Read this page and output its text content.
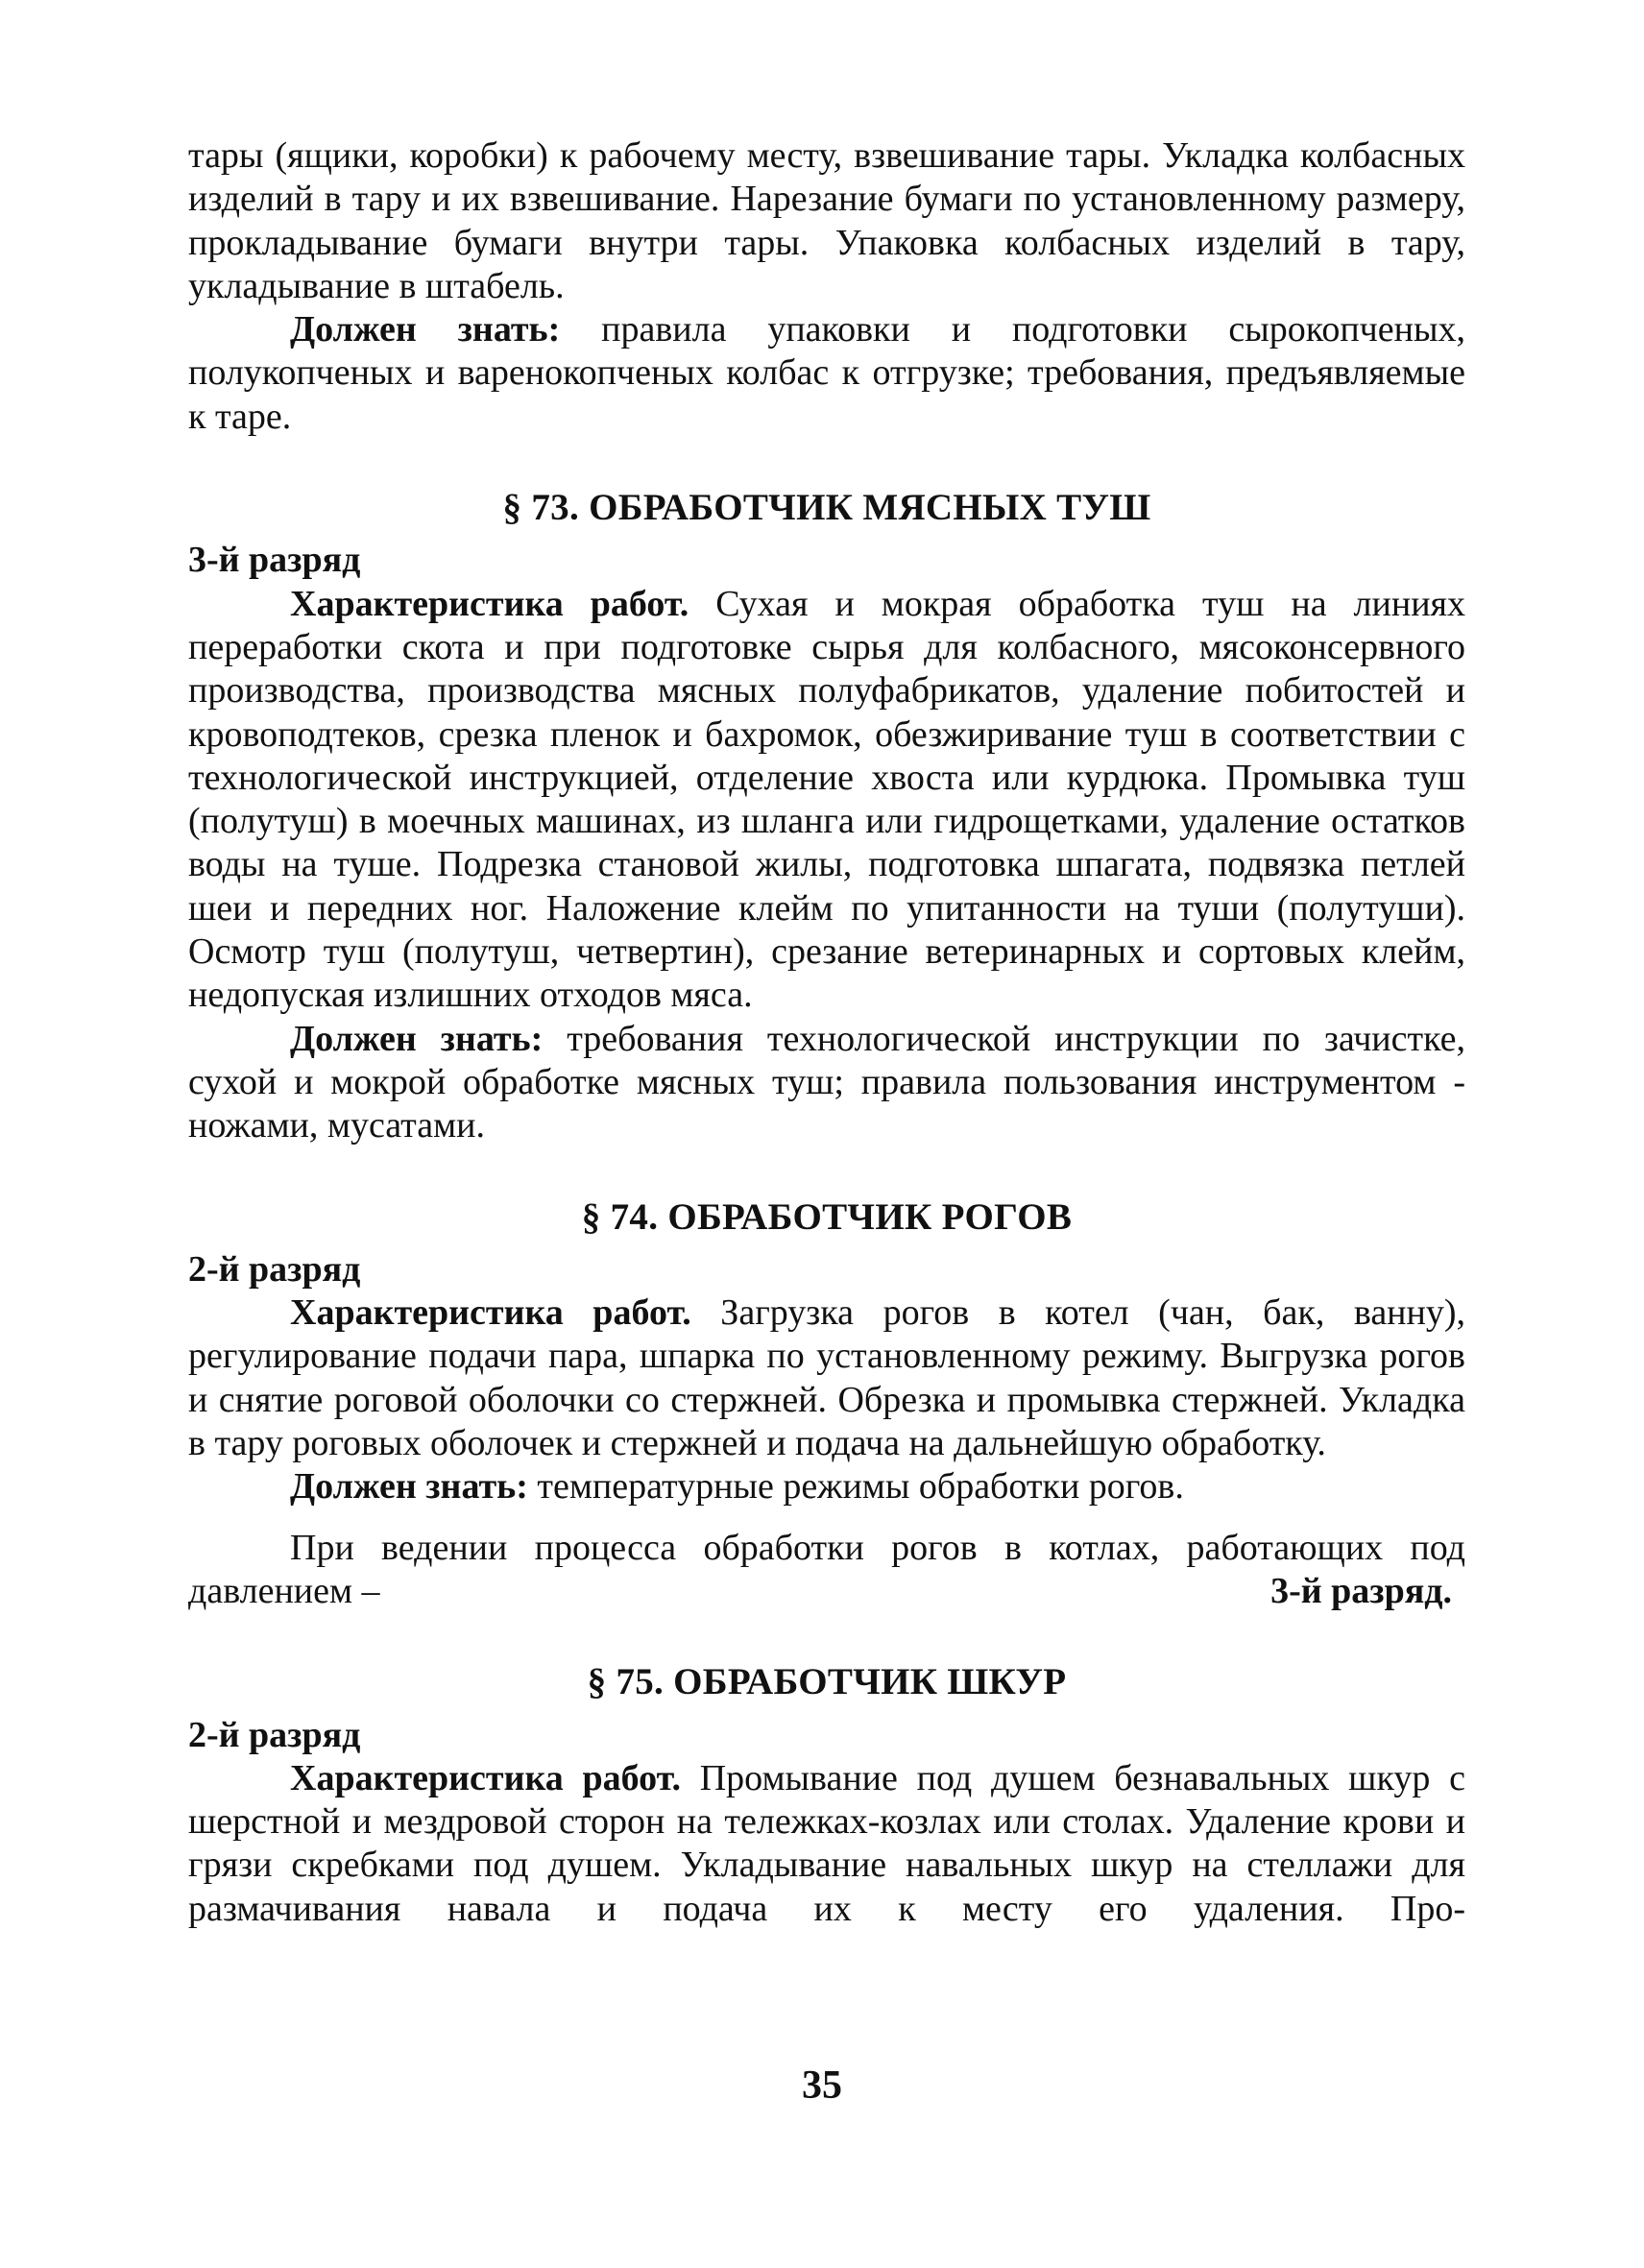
тары (ящики, коробки) к рабочему месту, взвешивание тары. Укладка колбасных изделий в тару и их взвешивание. Нарезание бумаги по установленному размеру, прокладывание бумаги внутри тары. Упаковка колбасных изделий в тару, укладывание в штабель.

Должен знать: правила упаковки и подготовки сырокопченых, полукопченых и варенокопченых колбас к отгрузке; требования, предъявляемые к таре.

§ 73. ОБРАБОТЧИК МЯСНЫХ ТУШ

3-й разряд

Характеристика работ. Сухая и мокрая обработка туш на линиях переработки скота и при подготовке сырья для колбасного, мясоконсервного производства, производства мясных полуфабрикатов, удаление побитостей и кровоподтеков, срезка пленок и бахромок, обезжиривание туш в соответствии с технологической инструкцией, отделение хвоста или курдюка. Промывка туш (полутуш) в моечных машинах, из шланга или гидрощетками, удаление остатков воды на туше. Подрезка становой жилы, подготовка шпагата, подвязка петлей шеи и передних ног. Наложение клейм по упитанности на туши (полутуши). Осмотр туш (полутуш, четвертин), срезание ветеринарных и сортовых клейм, недопуская излишних отходов мяса.

Должен знать: требования технологической инструкции по зачистке, сухой и мокрой обработке мясных туш; правила пользования инструментом - ножами, мусатами.

§ 74. ОБРАБОТЧИК РОГОВ

2-й разряд

Характеристика работ. Загрузка рогов в котел (чан, бак, ванну), регулирование подачи пара, шпарка по установленному режиму. Выгрузка рогов и снятие роговой оболочки со стержней. Обрезка и промывка стержней. Укладка в тару роговых оболочек и стержней и подача на дальнейшую обработку.

Должен знать: температурные режимы обработки рогов.

При ведении процесса обработки рогов в котлах, работающих под

давлением –	3-й разряд.
§ 75. ОБРАБОТЧИК ШКУР

2-й разряд

Характеристика работ. Промывание под душем безнавальных шкур с шерстной и мездровой сторон на тележках-козлах или столах. Удаление крови и грязи скребками под душем. Укладывание навальных шкур на стеллажи для размачивания навала и подача их к месту его удаления. Про-

35
